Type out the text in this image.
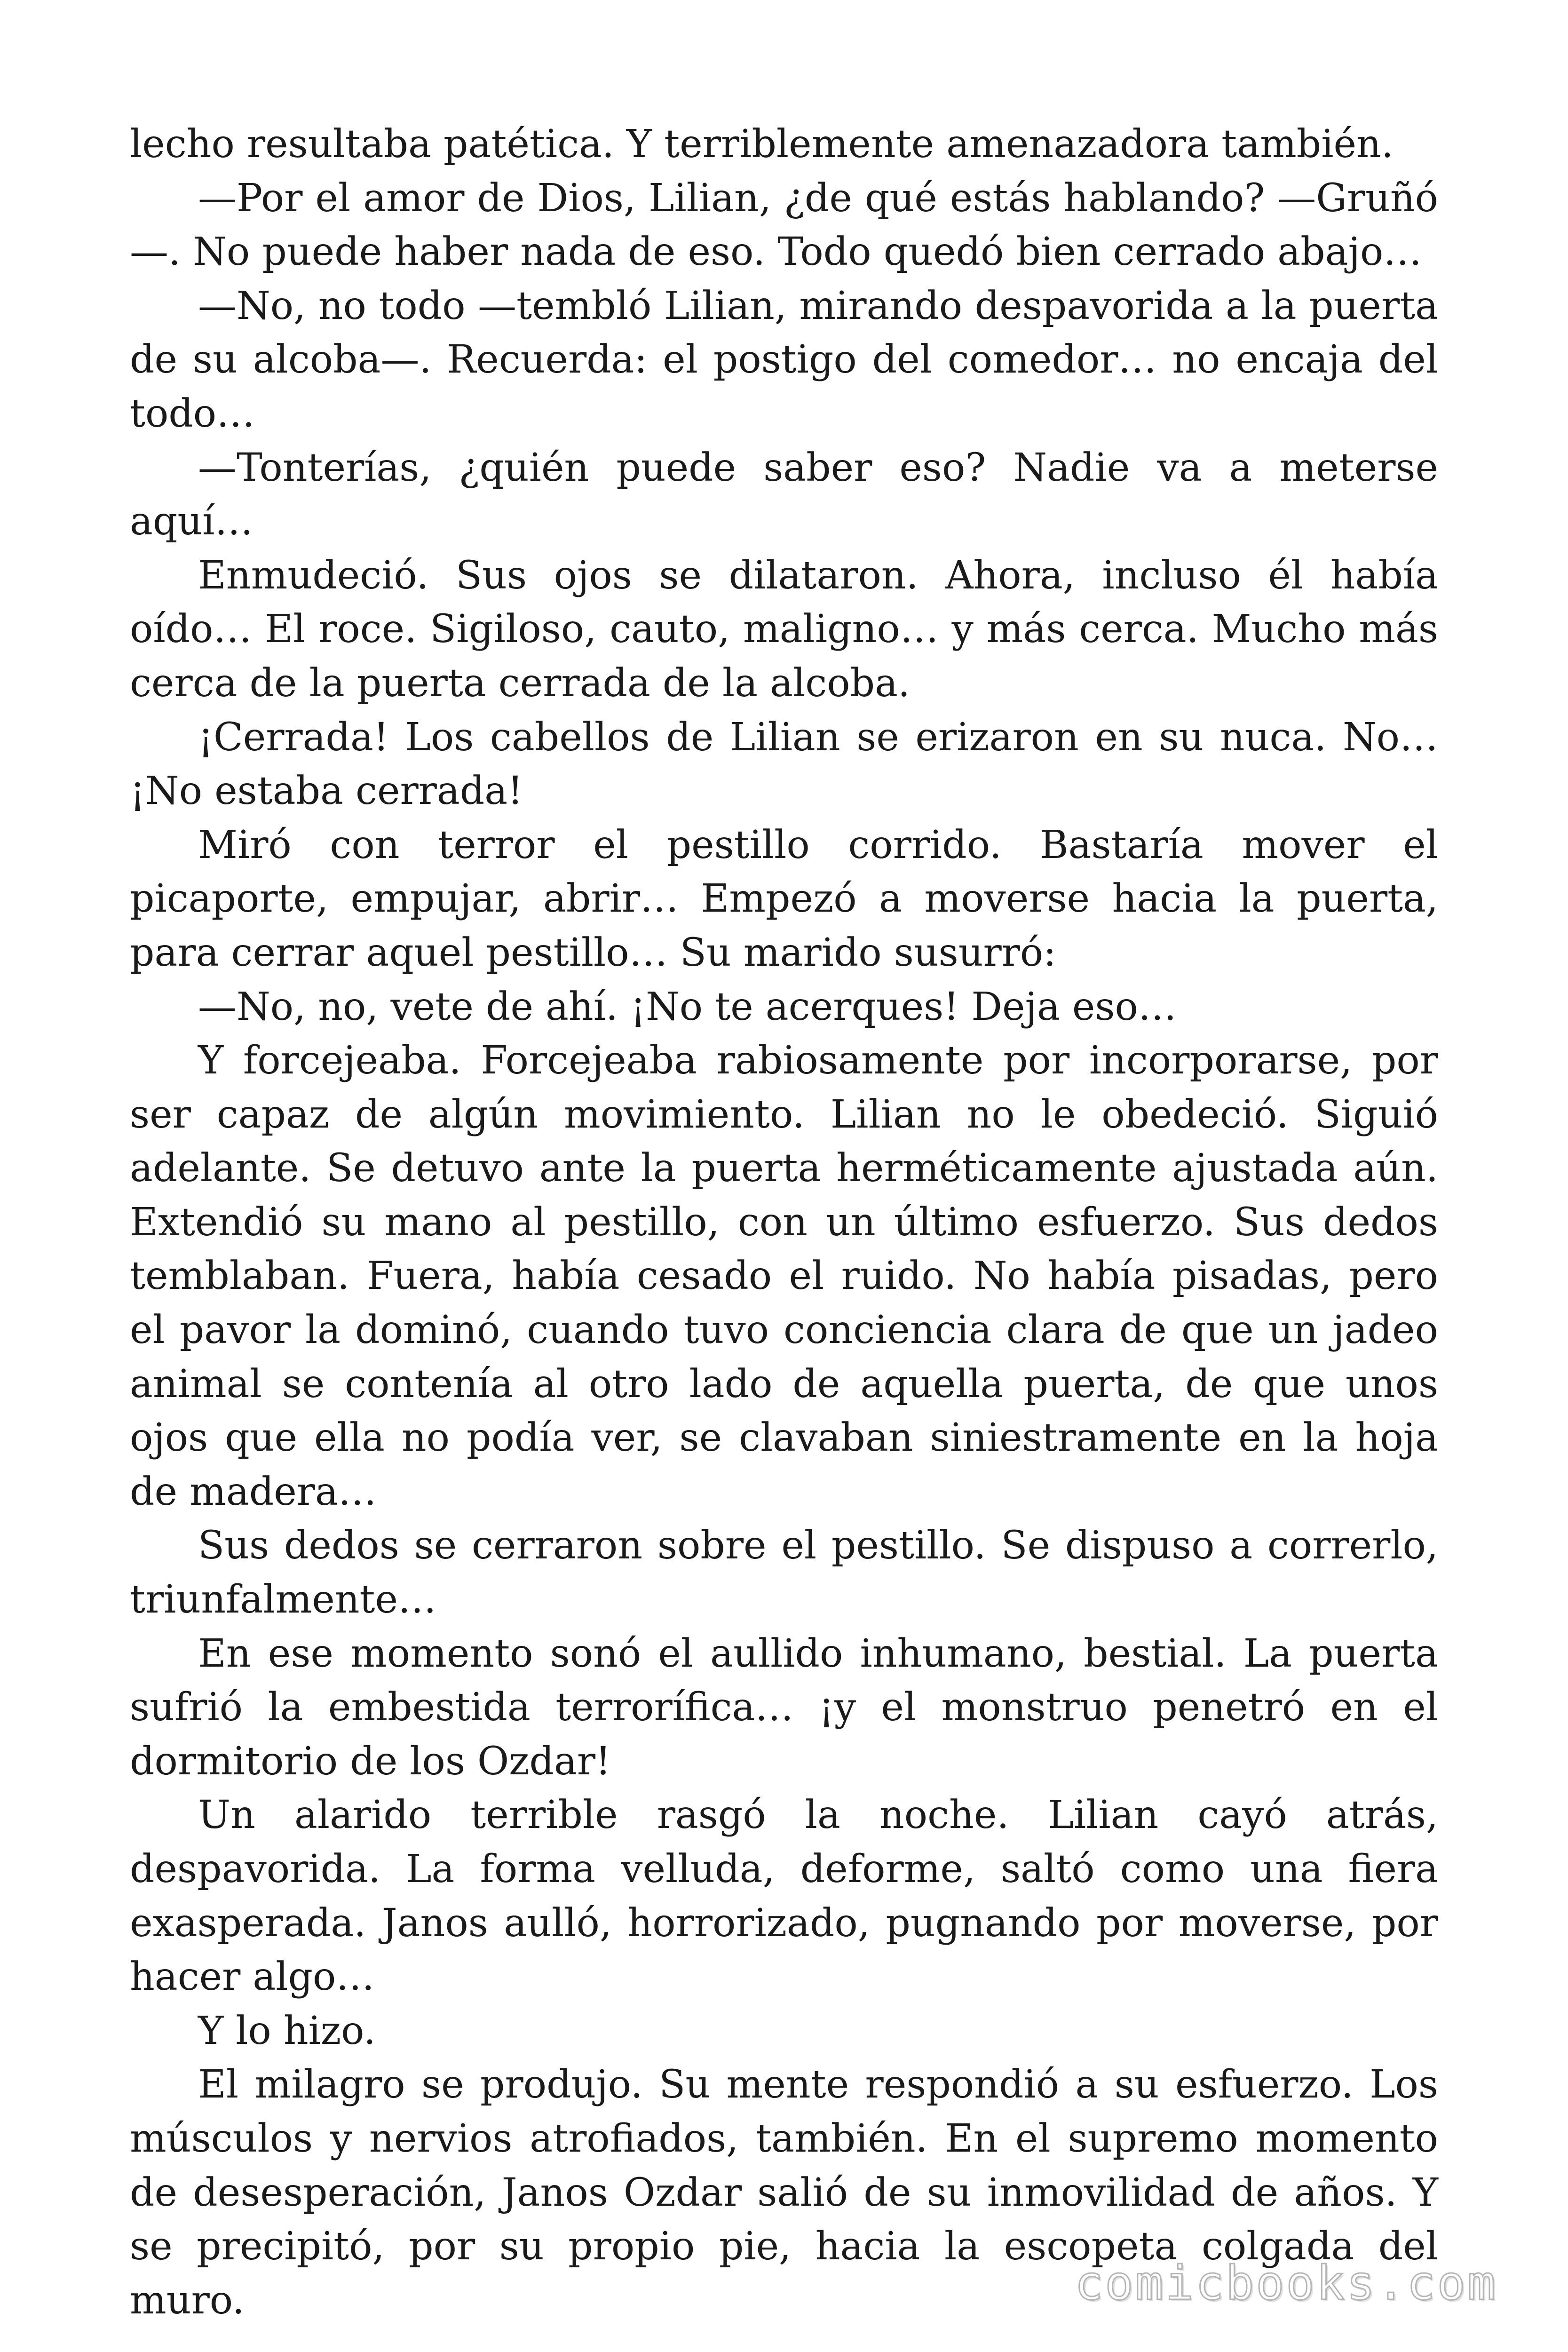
lecho resultaba patética. Y terriblemente amenazadora también.

—Por el amor de Dios, Lilian, ¿de qué estás hablando? —Gruñó —. No puede haber nada de eso. Todo quedó bien cerrado abajo…

—No, no todo —tembló Lilian, mirando despavorida a la puerta de su alcoba—. Recuerda: el postigo del comedor… no encaja del todo…

—Tonterías, ¿quién puede saber eso? Nadie va a meterse aquí…

Enmudeció. Sus ojos se dilataron. Ahora, incluso él había oído… El roce. Sigiloso, cauto, maligno… y más cerca. Mucho más cerca de la puerta cerrada de la alcoba.

¡Cerrada! Los cabellos de Lilian se erizaron en su nuca. No… ¡No estaba cerrada!

Miró con terror el pestillo corrido. Bastaría mover el picaporte, empujar, abrir… Empezó a moverse hacia la puerta, para cerrar aquel pestillo… Su marido susurró:

—No, no, vete de ahí. ¡No te acerques! Deja eso…

Y forcejeaba. Forcejeaba rabiosamente por incorporarse, por ser capaz de algún movimiento. Lilian no le obedeció. Siguió adelante. Se detuvo ante la puerta herméticamente ajustada aún. Extendió su mano al pestillo, con un último esfuerzo. Sus dedos temblaban. Fuera, había cesado el ruido. No había pisadas, pero el pavor la dominó, cuando tuvo conciencia clara de que un jadeo animal se contenía al otro lado de aquella puerta, de que unos ojos que ella no podía ver, se clavaban siniestramente en la hoja de madera…

Sus dedos se cerraron sobre el pestillo. Se dispuso a correrlo, triunfalmente…

En ese momento sonó el aullido inhumano, bestial. La puerta sufrió la embestida terrorífica… ¡y el monstruo penetró en el dormitorio de los Ozdar!

Un alarido terrible rasgó la noche. Lilian cayó atrás, despavorida. La forma velluda, deforme, saltó como una fiera exasperada. Janos aulló, horrorizado, pugnando por moverse, por hacer algo…

Y lo hizo.

El milagro se produjo. Su mente respondió a su esfuerzo. Los músculos y nervios atrofiados, también. En el supremo momento de desesperación, Janos Ozdar salió de su inmovilidad de años. Y se precipitó, por su propio pie, hacia la escopeta colgada del muro.	comicbooks.com
